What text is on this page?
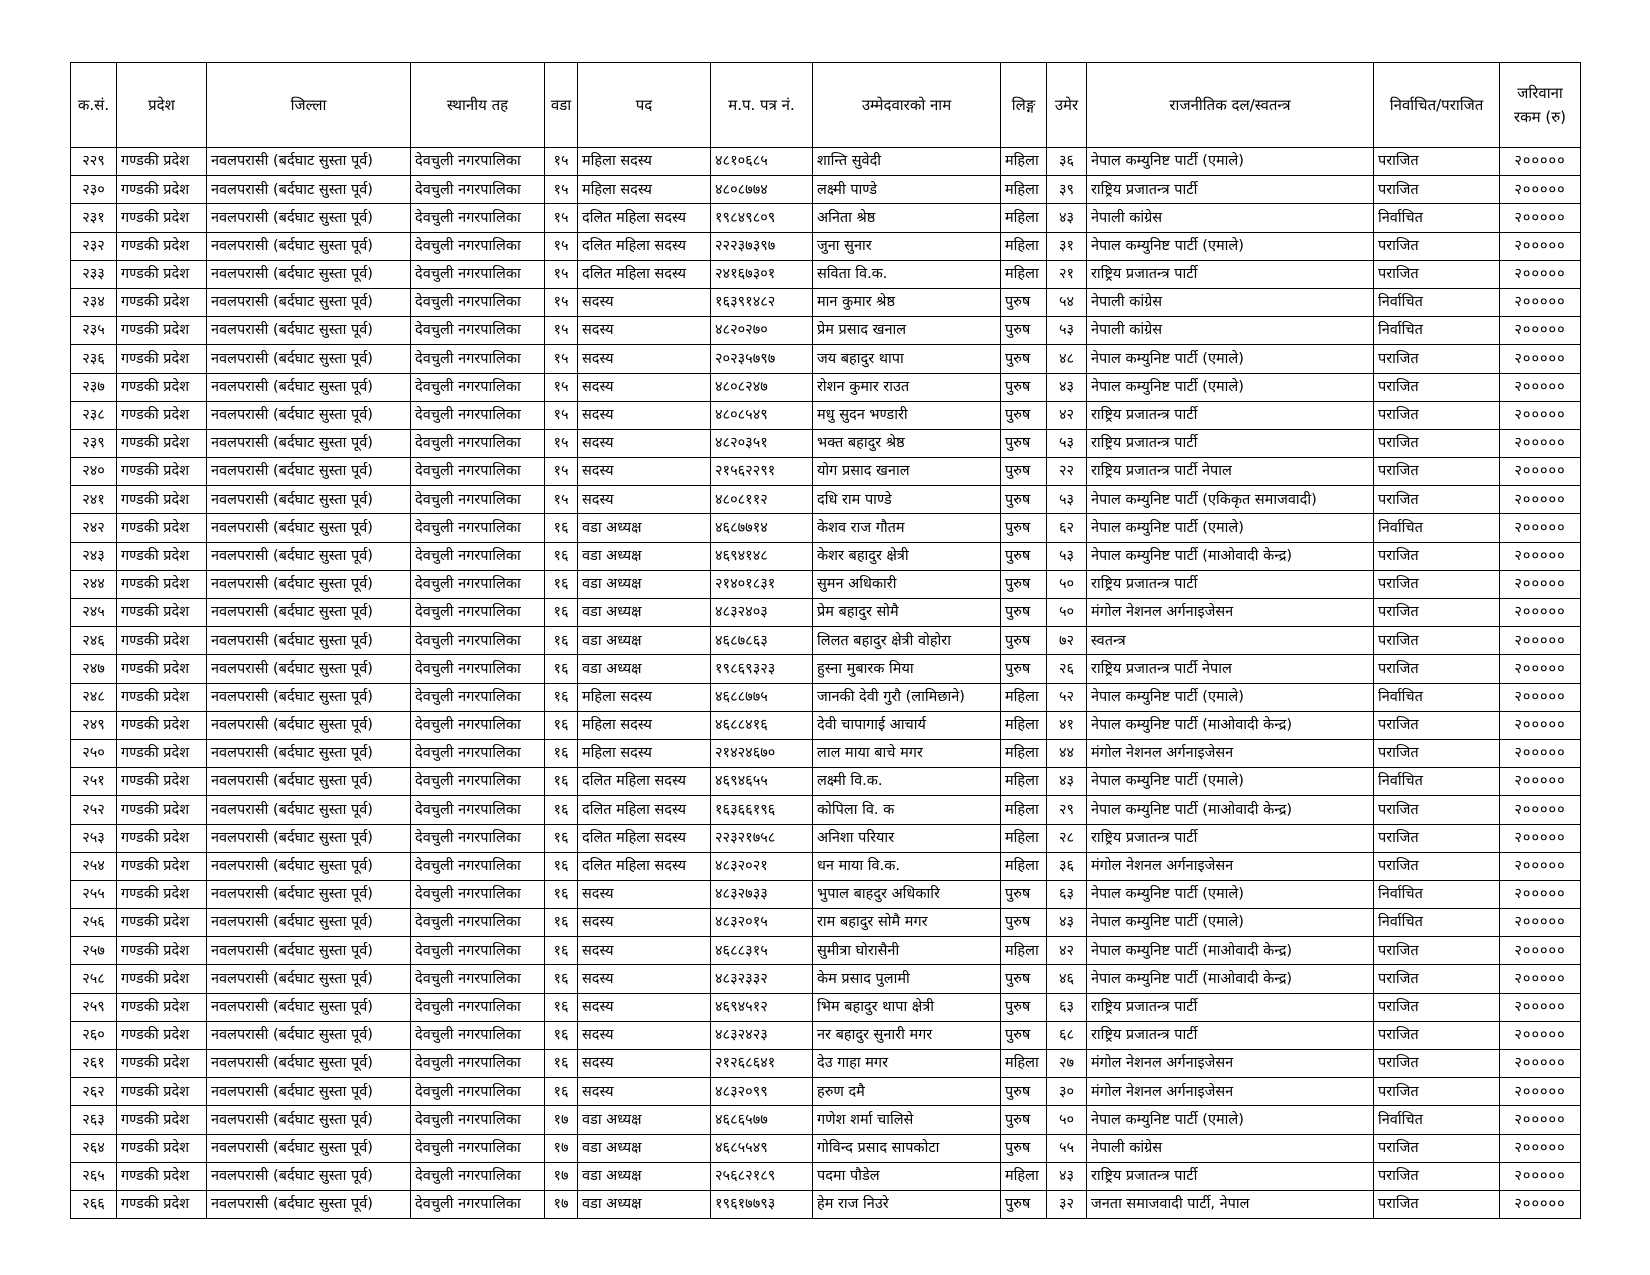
क.सं.	प्रदेश	जिल्ला	स्थानीय तह	वडा	पद	म.प. पत्र नं.	उम्मेदवारको नाम	लिङ्ग	उमेर	राजनीतिक दल/स्वतन्त्र	निर्वाचित/पराजित	जरिवाना रकम (रु)
२२९	गण्डकी प्रदेश	नवलपरासी (बर्दघाट सुस्ता पूर्व)	देवचुली नगरपालिका	१५	महिला सदस्य	४८१०६८५	शान्ति सुवेदी	महिला	३६	नेपाल कम्युनिष्ट पार्टी (एमाले)	पराजित	२०००००
२३०	गण्डकी प्रदेश	नवलपरासी (बर्दघाट सुस्ता पूर्व)	देवचुली नगरपालिका	१५	महिला सदस्य	४८०८७७४	लक्ष्मी पाण्डे	महिला	३९	राष्ट्रिय प्रजातन्त्र पार्टी	पराजित	२०००००
२३१	गण्डकी प्रदेश	नवलपरासी (बर्दघाट सुस्ता पूर्व)	देवचुली नगरपालिका	१५	दलित महिला सदस्य	१९८४९८०९	अनिता श्रेष्ठ	महिला	४३	नेपाली कांग्रेस	निर्वाचित	२०००००
२३२	गण्डकी प्रदेश	नवलपरासी (बर्दघाट सुस्ता पूर्व)	देवचुली नगरपालिका	१५	दलित महिला सदस्य	२२२३७३९७	जुना सुनार	महिला	३१	नेपाल कम्युनिष्ट पार्टी (एमाले)	पराजित	२०००००
२३३	गण्डकी प्रदेश	नवलपरासी (बर्दघाट सुस्ता पूर्व)	देवचुली नगरपालिका	१५	दलित महिला सदस्य	२४१६७३०१	सविता वि.क.	महिला	२१	राष्ट्रिय प्रजातन्त्र पार्टी	पराजित	२०००००
२३४	गण्डकी प्रदेश	नवलपरासी (बर्दघाट सुस्ता पूर्व)	देवचुली नगरपालिका	१५	सदस्य	१६३९१४८२	मान कुमार श्रेष्ठ	पुरुष	५४	नेपाली कांग्रेस	निर्वाचित	२०००००
२३५	गण्डकी प्रदेश	नवलपरासी (बर्दघाट सुस्ता पूर्व)	देवचुली नगरपालिका	१५	सदस्य	४८२०२७०	प्रेम प्रसाद खनाल	पुरुष	५३	नेपाली कांग्रेस	निर्वाचित	२०००००
२३६	गण्डकी प्रदेश	नवलपरासी (बर्दघाट सुस्ता पूर्व)	देवचुली नगरपालिका	१५	सदस्य	२०२३५७९७	जय बहादुर थापा	पुरुष	४८	नेपाल कम्युनिष्ट पार्टी (एमाले)	पराजित	२०००००
२३७	गण्डकी प्रदेश	नवलपरासी (बर्दघाट सुस्ता पूर्व)	देवचुली नगरपालिका	१५	सदस्य	४८०८२४७	रोशन कुमार राउत	पुरुष	४३	नेपाल कम्युनिष्ट पार्टी (एमाले)	पराजित	२०००००
२३८	गण्डकी प्रदेश	नवलपरासी (बर्दघाट सुस्ता पूर्व)	देवचुली नगरपालिका	१५	सदस्य	४८०८५४९	मधु सुदन भण्डारी	पुरुष	४२	राष्ट्रिय प्रजातन्त्र पार्टी	पराजित	२०००००
२३९	गण्डकी प्रदेश	नवलपरासी (बर्दघाट सुस्ता पूर्व)	देवचुली नगरपालिका	१५	सदस्य	४८२०३५१	भक्त बहादुर श्रेष्ठ	पुरुष	५३	राष्ट्रिय प्रजातन्त्र पार्टी	पराजित	२०००००
२४०	गण्डकी प्रदेश	नवलपरासी (बर्दघाट सुस्ता पूर्व)	देवचुली नगरपालिका	१५	सदस्य	२१५६२२९१	योग प्रसाद खनाल	पुरुष	२२	राष्ट्रिय प्रजातन्त्र पार्टी नेपाल	पराजित	२०००००
२४१	गण्डकी प्रदेश	नवलपरासी (बर्दघाट सुस्ता पूर्व)	देवचुली नगरपालिका	१५	सदस्य	४८०८११२	दधि राम पाण्डे	पुरुष	५३	नेपाल कम्युनिष्ट पार्टी (एकिकृत समाजवादी)	पराजित	२०००००
२४२	गण्डकी प्रदेश	नवलपरासी (बर्दघाट सुस्ता पूर्व)	देवचुली नगरपालिका	१६	वडा अध्यक्ष	४६८७७१४	केशव राज गौतम	पुरुष	६२	नेपाल कम्युनिष्ट पार्टी (एमाले)	निर्वाचित	२०००००
२४३	गण्डकी प्रदेश	नवलपरासी (बर्दघाट सुस्ता पूर्व)	देवचुली नगरपालिका	१६	वडा अध्यक्ष	४६९४१४८	केशर बहादुर क्षेत्री	पुरुष	५३	नेपाल कम्युनिष्ट पार्टी (माओवादी केन्द्र)	पराजित	२०००००
२४४	गण्डकी प्रदेश	नवलपरासी (बर्दघाट सुस्ता पूर्व)	देवचुली नगरपालिका	१६	वडा अध्यक्ष	२१४०१८३१	सुमन अधिकारी	पुरुष	५०	राष्ट्रिय प्रजातन्त्र पार्टी	पराजित	२०००००
२४५	गण्डकी प्रदेश	नवलपरासी (बर्दघाट सुस्ता पूर्व)	देवचुली नगरपालिका	१६	वडा अध्यक्ष	४८३२४०३	प्रेम बहादुर सोमै	पुरुष	५०	मंगोल नेशनल अर्गनाइजेसन	पराजित	२०००००
२४६	गण्डकी प्रदेश	नवलपरासी (बर्दघाट सुस्ता पूर्व)	देवचुली नगरपालिका	१६	वडा अध्यक्ष	४६८७८६३	लिलत बहादुर क्षेत्री वोहोरा	पुरुष	७२	स्वतन्त्र	पराजित	२०००००
२४७	गण्डकी प्रदेश	नवलपरासी (बर्दघाट सुस्ता पूर्व)	देवचुली नगरपालिका	१६	वडा अध्यक्ष	१९८६९३२३	हुस्ना मुबारक मिया	पुरुष	२६	राष्ट्रिय प्रजातन्त्र पार्टी नेपाल	पराजित	२०००००
२४८	गण्डकी प्रदेश	नवलपरासी (बर्दघाट सुस्ता पूर्व)	देवचुली नगरपालिका	१६	महिला सदस्य	४६८८७७५	जानकी देवी गुरौ (लामिछाने)	महिला	५२	नेपाल कम्युनिष्ट पार्टी (एमाले)	निर्वाचित	२०००००
२४९	गण्डकी प्रदेश	नवलपरासी (बर्दघाट सुस्ता पूर्व)	देवचुली नगरपालिका	१६	महिला सदस्य	४६८८४१६	देवी चापागाई आचार्य	महिला	४१	नेपाल कम्युनिष्ट पार्टी (माओवादी केन्द्र)	पराजित	२०००००
२५०	गण्डकी प्रदेश	नवलपरासी (बर्दघाट सुस्ता पूर्व)	देवचुली नगरपालिका	१६	महिला सदस्य	२१४२४६७०	लाल माया बाचे मगर	महिला	४४	मंगोल नेशनल अर्गनाइजेसन	पराजित	२०००००
२५१	गण्डकी प्रदेश	नवलपरासी (बर्दघाट सुस्ता पूर्व)	देवचुली नगरपालिका	१६	दलित महिला सदस्य	४६९४६५५	लक्ष्मी वि.क.	महिला	४३	नेपाल कम्युनिष्ट पार्टी (एमाले)	निर्वाचित	२०००००
२५२	गण्डकी प्रदेश	नवलपरासी (बर्दघाट सुस्ता पूर्व)	देवचुली नगरपालिका	१६	दलित महिला सदस्य	१६३६६१९६	कोपिला वि. क	महिला	२९	नेपाल कम्युनिष्ट पार्टी (माओवादी केन्द्र)	पराजित	२०००००
२५३	गण्डकी प्रदेश	नवलपरासी (बर्दघाट सुस्ता पूर्व)	देवचुली नगरपालिका	१६	दलित महिला सदस्य	२२३२१७५८	अनिशा परियार	महिला	२८	राष्ट्रिय प्रजातन्त्र पार्टी	पराजित	२०००००
२५४	गण्डकी प्रदेश	नवलपरासी (बर्दघाट सुस्ता पूर्व)	देवचुली नगरपालिका	१६	दलित महिला सदस्य	४८३२०२१	धन माया वि.क.	महिला	३६	मंगोल नेशनल अर्गनाइजेसन	पराजित	२०००००
२५५	गण्डकी प्रदेश	नवलपरासी (बर्दघाट सुस्ता पूर्व)	देवचुली नगरपालिका	१६	सदस्य	४८३२७३३	भुपाल बाहदुर अधिकारि	पुरुष	६३	नेपाल कम्युनिष्ट पार्टी (एमाले)	निर्वाचित	२०००००
२५६	गण्डकी प्रदेश	नवलपरासी (बर्दघाट सुस्ता पूर्व)	देवचुली नगरपालिका	१६	सदस्य	४८३२०१५	राम बहादुर सोमै मगर	पुरुष	४३	नेपाल कम्युनिष्ट पार्टी (एमाले)	निर्वाचित	२०००००
२५७	गण्डकी प्रदेश	नवलपरासी (बर्दघाट सुस्ता पूर्व)	देवचुली नगरपालिका	१६	सदस्य	४६८८३१५	सुमीत्रा घोरासैनी	महिला	४२	नेपाल कम्युनिष्ट पार्टी (माओवादी केन्द्र)	पराजित	२०००००
२५८	गण्डकी प्रदेश	नवलपरासी (बर्दघाट सुस्ता पूर्व)	देवचुली नगरपालिका	१६	सदस्य	४८३२३३२	केम प्रसाद पुलामी	पुरुष	४६	नेपाल कम्युनिष्ट पार्टी (माओवादी केन्द्र)	पराजित	२०००००
२५९	गण्डकी प्रदेश	नवलपरासी (बर्दघाट सुस्ता पूर्व)	देवचुली नगरपालिका	१६	सदस्य	४६९४५१२	भिम बहादुर थापा क्षेत्री	पुरुष	६३	राष्ट्रिय प्रजातन्त्र पार्टी	पराजित	२०००००
२६०	गण्डकी प्रदेश	नवलपरासी (बर्दघाट सुस्ता पूर्व)	देवचुली नगरपालिका	१६	सदस्य	४८३२४२३	नर बहादुर सुनारी मगर	पुरुष	६८	राष्ट्रिय प्रजातन्त्र पार्टी	पराजित	२०००००
२६१	गण्डकी प्रदेश	नवलपरासी (बर्दघाट सुस्ता पूर्व)	देवचुली नगरपालिका	१६	सदस्य	२१२६८६४१	देउ गाहा मगर	महिला	२७	मंगोल नेशनल अर्गनाइजेसन	पराजित	२०००००
२६२	गण्डकी प्रदेश	नवलपरासी (बर्दघाट सुस्ता पूर्व)	देवचुली नगरपालिका	१६	सदस्य	४८३२०९९	हरुण दमै	पुरुष	३०	मंगोल नेशनल अर्गनाइजेसन	पराजित	२०००००
२६३	गण्डकी प्रदेश	नवलपरासी (बर्दघाट सुस्ता पूर्व)	देवचुली नगरपालिका	१७	वडा अध्यक्ष	४६८६५७७	गणेश शर्मा चालिसे	पुरुष	५०	नेपाल कम्युनिष्ट पार्टी (एमाले)	निर्वाचित	२०००००
२६४	गण्डकी प्रदेश	नवलपरासी (बर्दघाट सुस्ता पूर्व)	देवचुली नगरपालिका	१७	वडा अध्यक्ष	४६८५५४९	गोविन्द प्रसाद सापकोटा	पुरुष	५५	नेपाली कांग्रेस	पराजित	२०००००
२६५	गण्डकी प्रदेश	नवलपरासी (बर्दघाट सुस्ता पूर्व)	देवचुली नगरपालिका	१७	वडा अध्यक्ष	२५६८२१८९	पदमा पौडेल	महिला	४३	राष्ट्रिय प्रजातन्त्र पार्टी	पराजित	२०००००
२६६	गण्डकी प्रदेश	नवलपरासी (बर्दघाट सुस्ता पूर्व)	देवचुली नगरपालिका	१७	वडा अध्यक्ष	१९६१७७९३	हेम राज निउरे	पुरुष	३२	जनता समाजवादी पार्टी, नेपाल	पराजित	२०००००
